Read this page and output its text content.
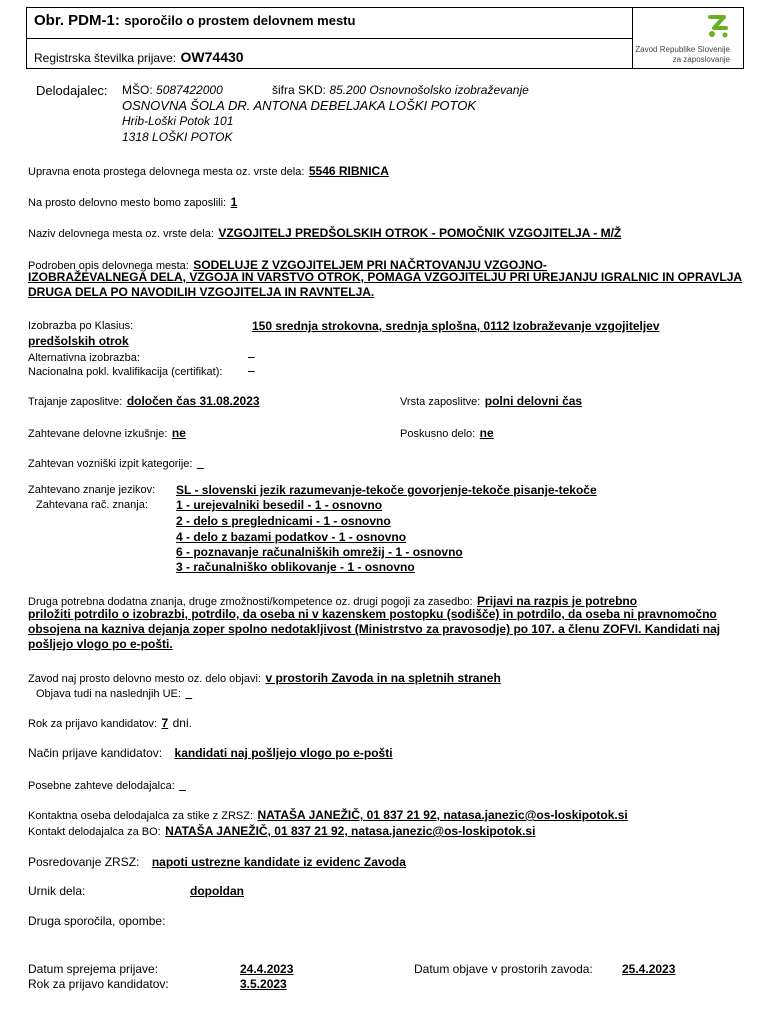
Obr. PDM-1: sporočilo o prostem delovnem mestu
Registrska številka prijave: OW74430	Zavod Republike Slovenije
za zaposlovanje
Delodajalec: MŠO: 5087422000	šifra SKD: 85.200 Osnovnošolsko izobraževanje
OSNOVNA ŠOLA DR. ANTONA DEBELJAKA LOŠKI POTOK
Hrib-Loški Potok 101
1318 LOŠKI POTOK
Upravna enota prostega delovnega mesta oz. vrste dela: 5546 RIBNICA
Na prosto delovno mesto bomo zaposlili: 1
Naziv delovnega mesta oz. vrste dela: VZGOJITELJ PREDŠOLSKIH OTROK - POMOČNIK VZGOJITELJA - M/Ž
Podroben opis delovnega mesta: SODELUJE Z VZGOJITELJEM PRI NAČRTOVANJU VZGOJNO-
IZOBRAŽEVALNEGA DELA, VZGOJA IN VARSTVO OTROK, POMAGA VZGOJITELJU PRI UREJANJU IGRALNIC IN OPRAVLJA DRUGA DELA PO NAVODILIH VZGOJITELJA IN RAVNTELJA.
Izobrazba po Klasius:	150 srednja strokovna, srednja splošna, 0112 Izobraževanje vzgojiteljev
predšolskih otrok
Alternativna izobrazba:	_
Nacionalna pokl. kvalifikacija (certifikat): _
Trajanje zaposlitve: določen čas 31.08.2023	Vrsta zaposlitve: polni delovni čas
Zahtevane delovne izkušnje: ne	Poskusno delo: ne
Zahtevan vozniški izpit kategorije: _
Zahtevano znanje jezikov: SL - slovenski jezik razumevanje-tekoče govorjenje-tekoče pisanje-tekoče
Zahtevana rač. znanja: 1 - urejevalniki besedil - 1 - osnovno
2 - delo s preglednicami - 1 - osnovno
4 - delo z bazami podatkov - 1 - osnovno
6 - poznavanje računalniških omrežij - 1 - osnovno
3 - računalniško oblikovanje - 1 - osnovno
Druga potrebna dodatna znanja, druge zmožnosti/kompetence oz. drugi pogoji za zasedbo: Prijavi na razpis je potrebno
priložiti potrdilo o izobrazbi, potrdilo, da oseba ni v kazenskem postopku (sodišče) in potrdilo, da oseba ni pravnomočno obsojena na kazniva dejanja zoper spolno nedotakljivost (Ministrstvo za pravosodje) po 107. a členu ZOFVI. Kandidati naj pošljejo vlogo po e-pošti.
Zavod naj prosto delovno mesto oz. delo objavi: v prostorih Zavoda in na spletnih straneh
Objava tudi na naslednjih UE: _
Rok za prijavo kandidatov: 7 dni.
Način prijave kandidatov: kandidati naj pošljejo vlogo po e-pošti
Posebne zahteve delodajalca: _
Kontaktna oseba delodajalca za stike z ZRSZ: NATAŠA JANEŽIČ, 01 837 21 92, natasa.janezic@os-loskipotok.si
Kontakt delodajalca za BO: NATAŠA JANEŽIČ, 01 837 21 92, natasa.janezic@os-loskipotok.si
Posredovanje ZRSZ: napoti ustrezne kandidate iz evidenc Zavoda
Urnik dela:	dopoldan
Druga sporočila, opombe:
Datum sprejema prijave:	24.4.2023
Rok za prijavo kandidatov:	3.5.2023
Datum objave v prostorih zavoda: 25.4.2023
